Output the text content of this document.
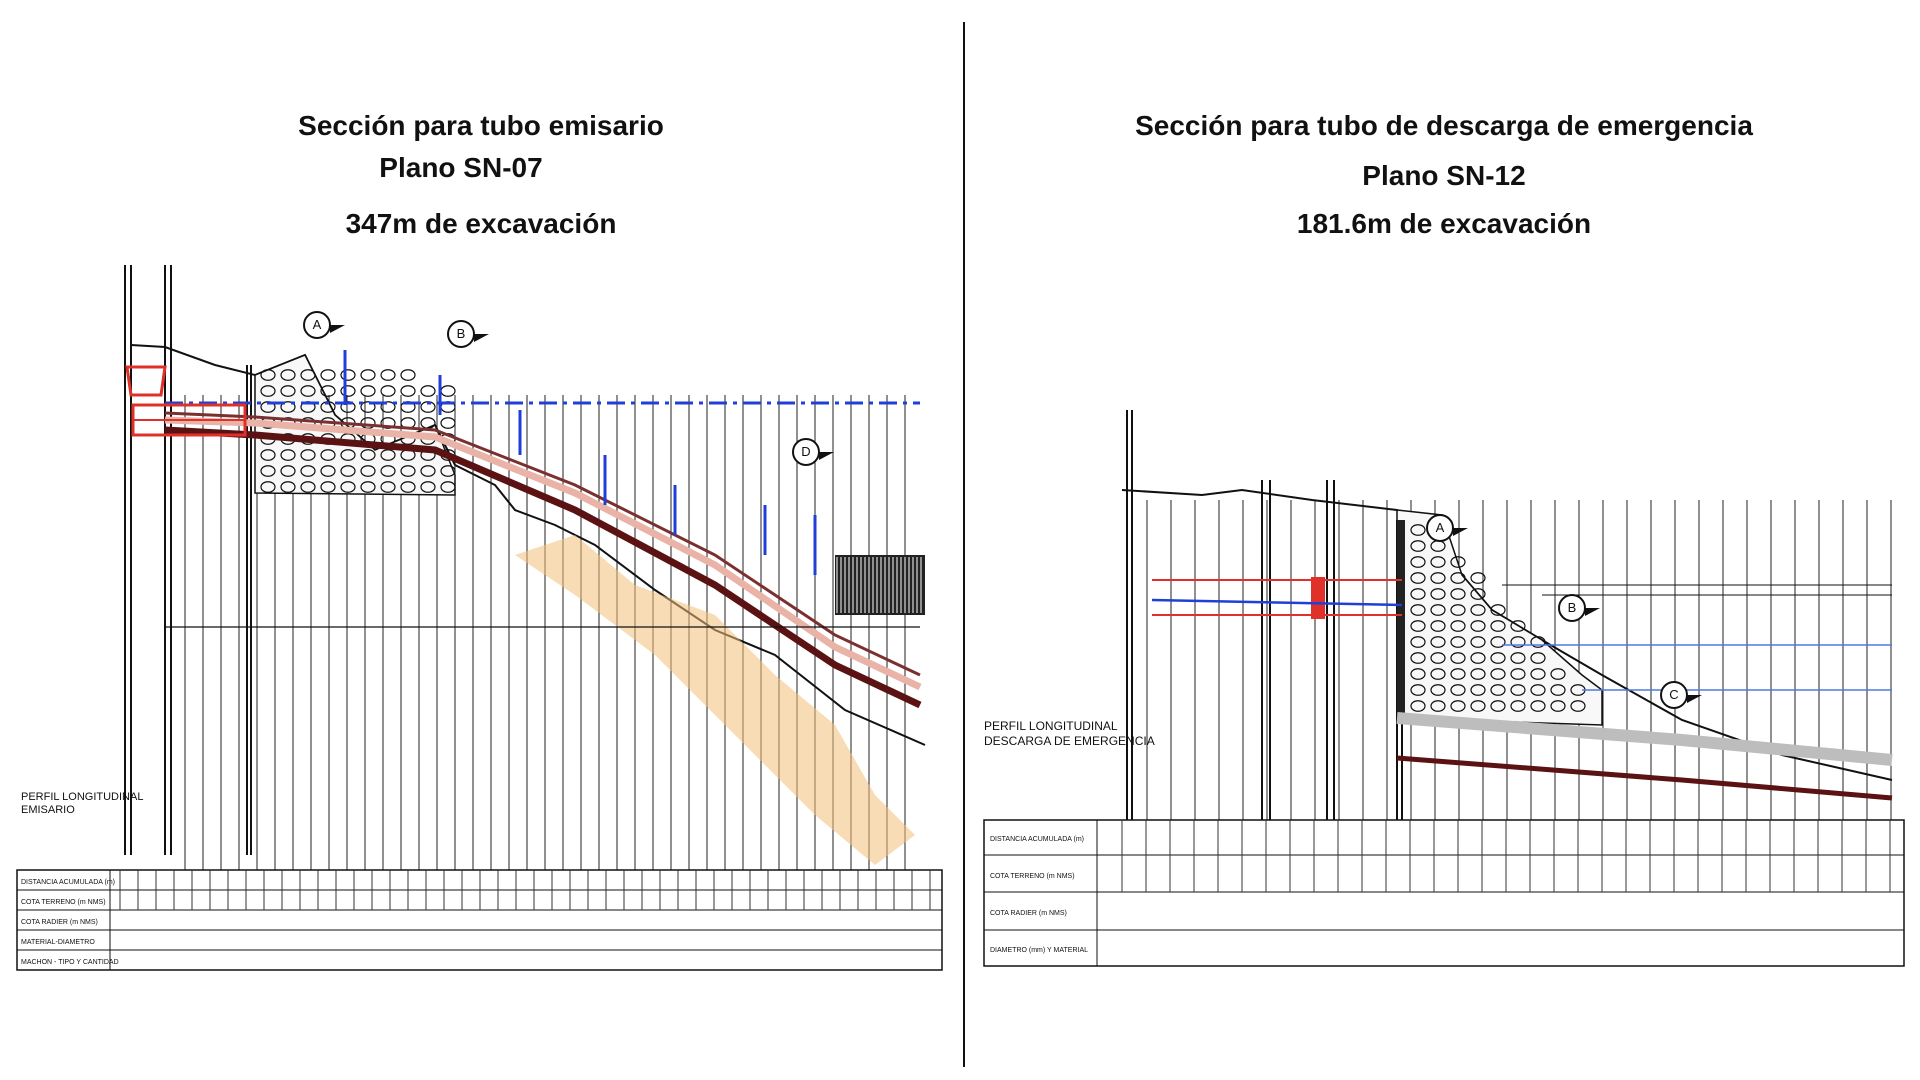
Sección para tubo emisario
Plano SN-07
347m de excavación
A
B
D
PERFIL LONGITUDINAL
EMISARIO
DISTANCIA ACUMULADA (m)
COTA TERRENO (m NMS)
COTA RADIER (m NMS)
MATERIAL-DIAMETRO
MACHON - TIPO Y CANTIDAD
Sección para tubo de descarga de emergencia
Plano SN-12
181.6m de excavación
A
B
C
PERFIL LONGITUDINAL
DESCARGA DE EMERGENCIA
DISTANCIA ACUMULADA (m)
COTA TERRENO (m NMS)
COTA RADIER (m NMS)
DIAMETRO (mm) Y MATERIAL
